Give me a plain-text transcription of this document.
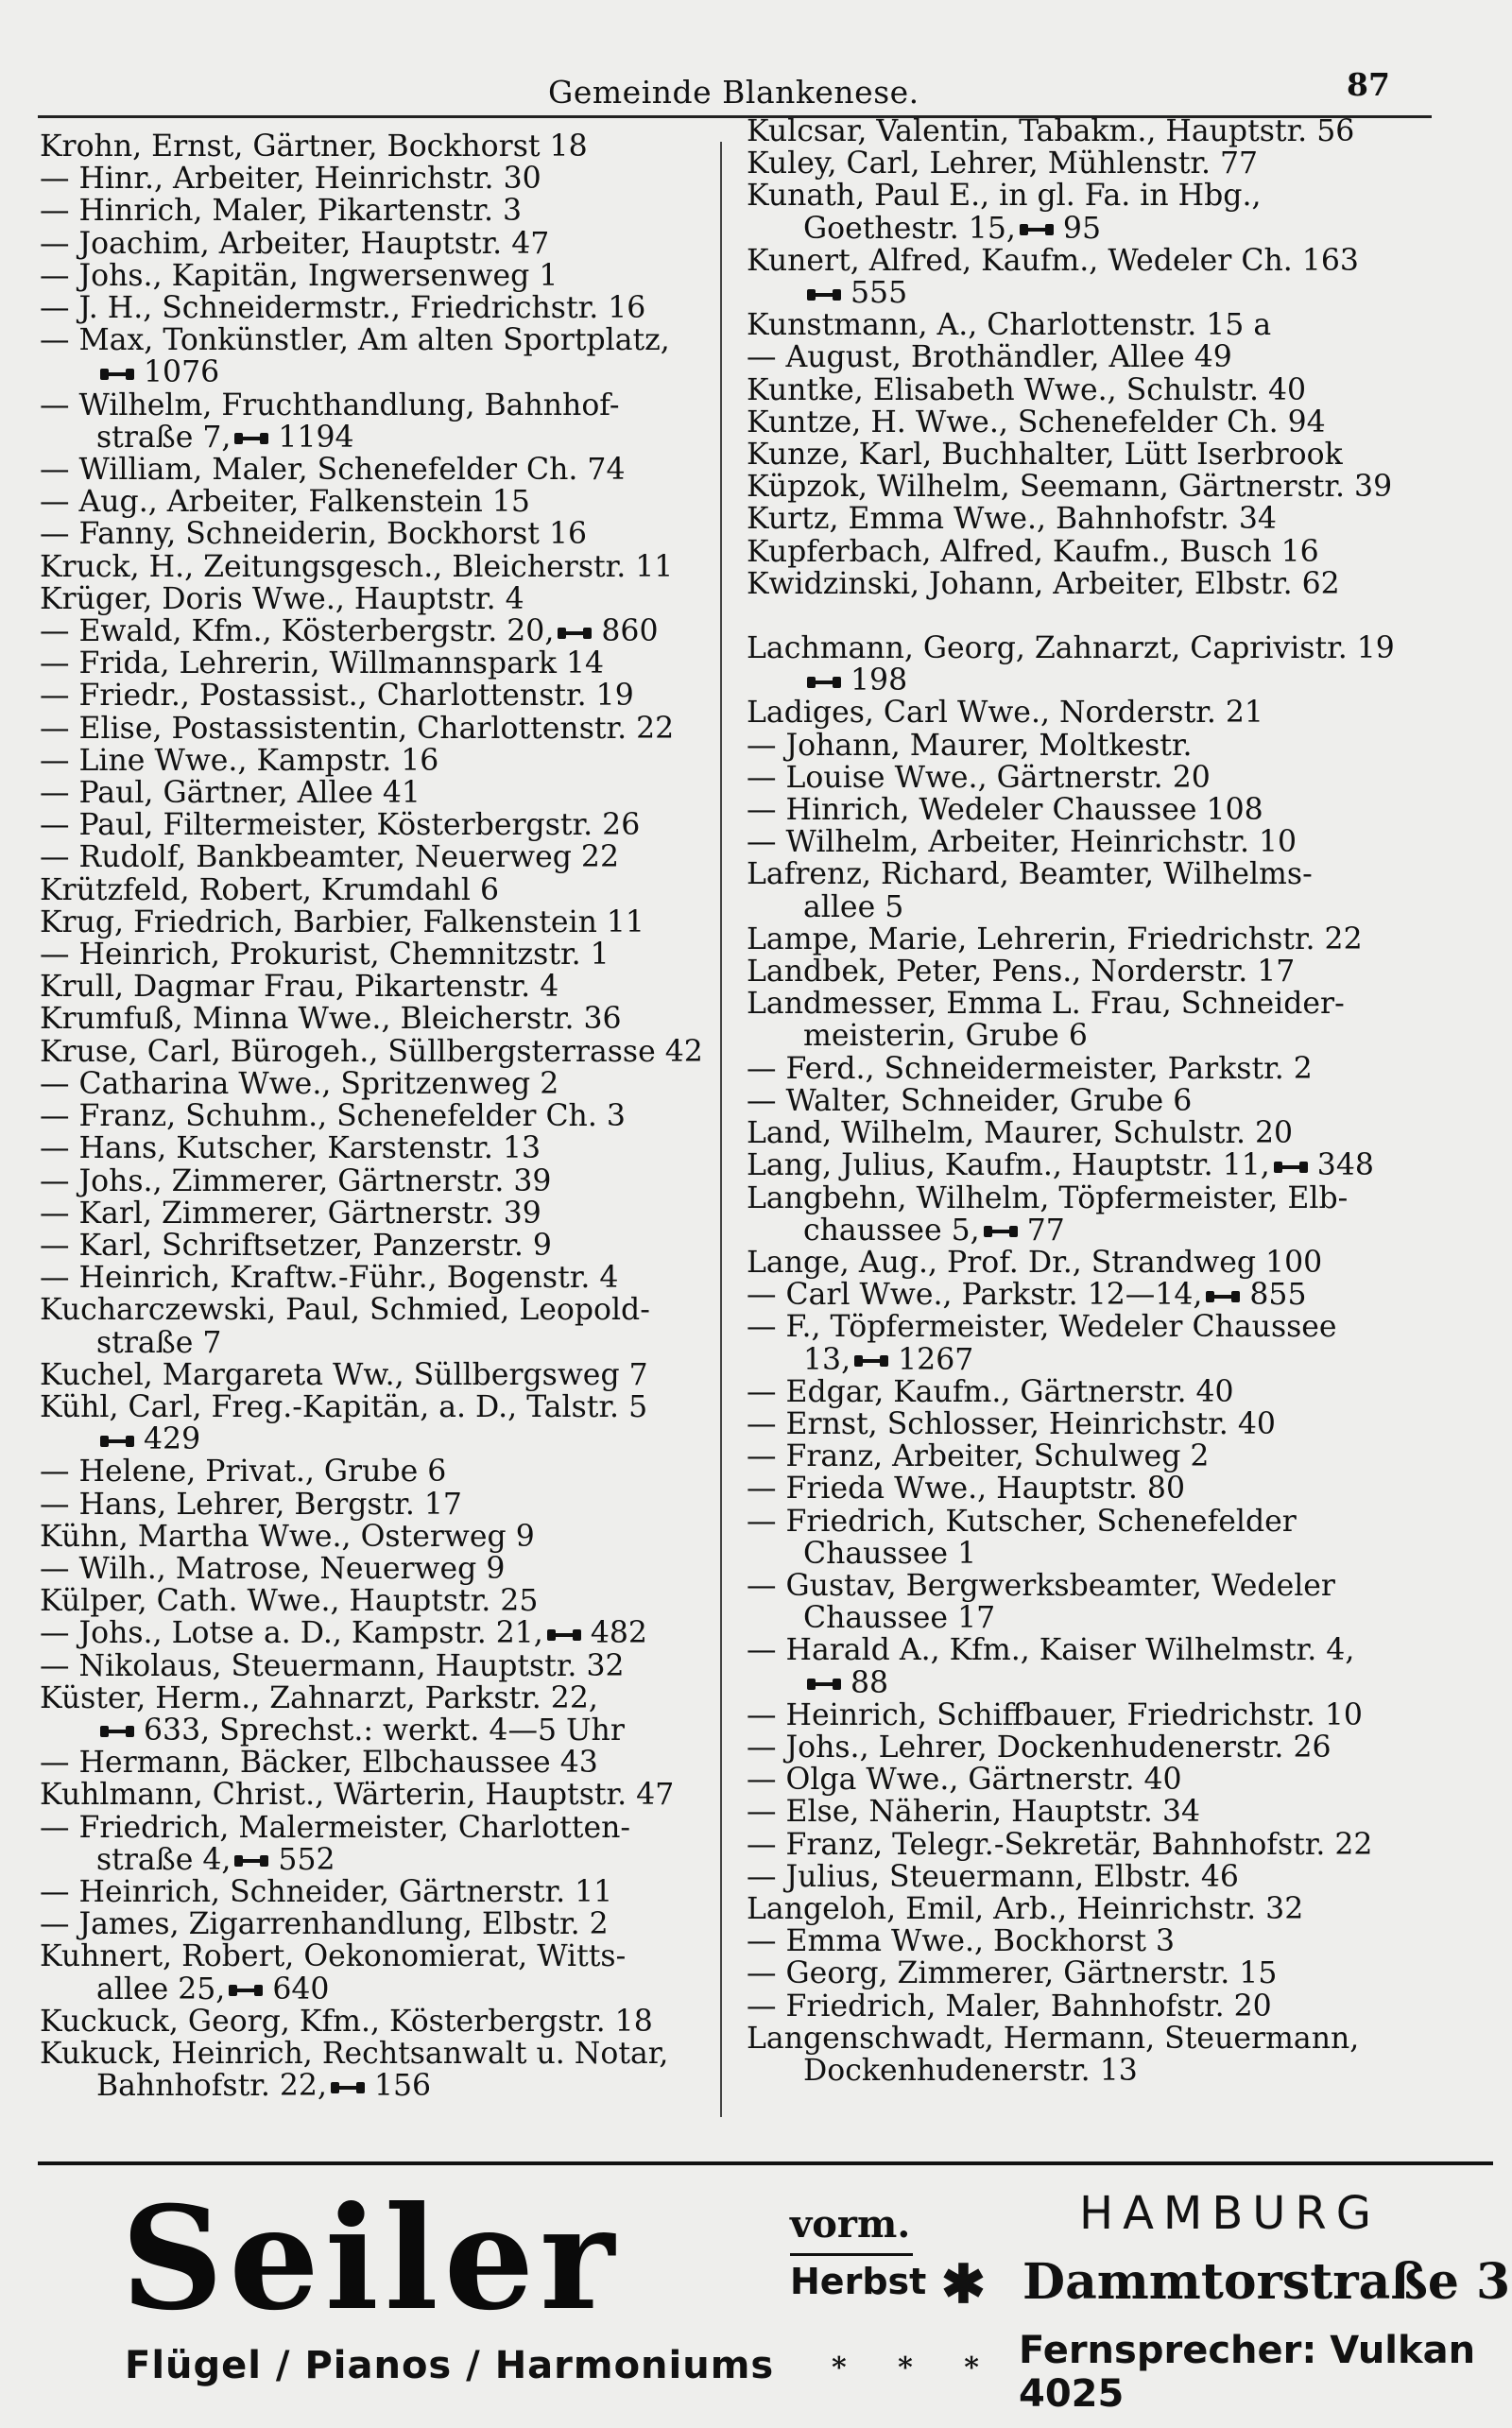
Gemeinde Blankenese.	87
Krohn, Ernst, Gärtner, Bockhorst 18
— Hinr., Arbeiter, Heinrichstr. 30
— Hinrich, Maler, Pikartenstr. 3
— Joachim, Arbeiter, Hauptstr. 47
— Johs., Kapitän, Ingwersenweg 1
— J. H., Schneidermstr., Friedrichstr. 16
— Max, Tonkünstler, Am alten Sportplatz,
1076
— Wilhelm, Fruchthandlung, Bahnhof-
straße 7, 1194
— William, Maler, Schenefelder Ch. 74
— Aug., Arbeiter, Falkenstein 15
— Fanny, Schneiderin, Bockhorst 16
Kruck, H., Zeitungsgesch., Bleicherstr. 11
Krüger, Doris Wwe., Hauptstr. 4
— Ewald, Kfm., Kösterbergstr. 20, 860
— Frida, Lehrerin, Willmannspark 14
— Friedr., Postassist., Charlottenstr. 19
— Elise, Postassistentin, Charlottenstr. 22
— Line Wwe., Kampstr. 16
— Paul, Gärtner, Allee 41
— Paul, Filtermeister, Kösterbergstr. 26
— Rudolf, Bankbeamter, Neuerweg 22
Krützfeld, Robert, Krumdahl 6
Krug, Friedrich, Barbier, Falkenstein 11
— Heinrich, Prokurist, Chemnitzstr. 1
Krull, Dagmar Frau, Pikartenstr. 4
Krumfuß, Minna Wwe., Bleicherstr. 36
Kruse, Carl, Bürogeh., Süllbergsterrasse 42
— Catharina Wwe., Spritzenweg 2
— Franz, Schuhm., Schenefelder Ch. 3
— Hans, Kutscher, Karstenstr. 13
— Johs., Zimmerer, Gärtnerstr. 39
— Karl, Zimmerer, Gärtnerstr. 39
— Karl, Schriftsetzer, Panzerstr. 9
— Heinrich, Kraftw.-Führ., Bogenstr. 4
Kucharczewski, Paul, Schmied, Leopold-
straße 7
Kuchel, Margareta Ww., Süllbergsweg 7
Kühl, Carl, Freg.-Kapitän, a. D., Talstr. 5
429
— Helene, Privat., Grube 6
— Hans, Lehrer, Bergstr. 17
Kühn, Martha Wwe., Osterweg 9
— Wilh., Matrose, Neuerweg 9
Külper, Cath. Wwe., Hauptstr. 25
— Johs., Lotse a. D., Kampstr. 21, 482
— Nikolaus, Steuermann, Hauptstr. 32
Küster, Herm., Zahnarzt, Parkstr. 22,
633, Sprechst.: werkt. 4—5 Uhr
— Hermann, Bäcker, Elbchaussee 43
Kuhlmann, Christ., Wärterin, Hauptstr. 47
— Friedrich, Malermeister, Charlotten-
straße 4, 552
— Heinrich, Schneider, Gärtnerstr. 11
— James, Zigarrenhandlung, Elbstr. 2
Kuhnert, Robert, Oekonomierat, Witts-
allee 25, 640
Kuckuck, Georg, Kfm., Kösterbergstr. 18
Kukuck, Heinrich, Rechtsanwalt u. Notar,
Bahnhofstr. 22, 156
Kulcsar, Valentin, Tabakm., Hauptstr. 56
Kuley, Carl, Lehrer, Mühlenstr. 77
Kunath, Paul E., in gl. Fa. in Hbg.,
Goethestr. 15, 95
Kunert, Alfred, Kaufm., Wedeler Ch. 163
555
Kunstmann, A., Charlottenstr. 15 a
— August, Brothändler, Allee 49
Kuntke, Elisabeth Wwe., Schulstr. 40
Kuntze, H. Wwe., Schenefelder Ch. 94
Kunze, Karl, Buchhalter, Lütt Iserbrook
Küpzok, Wilhelm, Seemann, Gärtnerstr. 39
Kurtz, Emma Wwe., Bahnhofstr. 34
Kupferbach, Alfred, Kaufm., Busch 16
Kwidzinski, Johann, Arbeiter, Elbstr. 62
Lachmann, Georg, Zahnarzt, Caprivistr. 19
198
Ladiges, Carl Wwe., Norderstr. 21
— Johann, Maurer, Moltkestr.
— Louise Wwe., Gärtnerstr. 20
— Hinrich, Wedeler Chaussee 108
— Wilhelm, Arbeiter, Heinrichstr. 10
Lafrenz, Richard, Beamter, Wilhelms-
allee 5
Lampe, Marie, Lehrerin, Friedrichstr. 22
Landbek, Peter, Pens., Norderstr. 17
Landmesser, Emma L. Frau, Schneider-
meisterin, Grube 6
— Ferd., Schneidermeister, Parkstr. 2
— Walter, Schneider, Grube 6
Land, Wilhelm, Maurer, Schulstr. 20
Lang, Julius, Kaufm., Hauptstr. 11, 348
Langbehn, Wilhelm, Töpfermeister, Elb-
chaussee 5, 77
Lange, Aug., Prof. Dr., Strandweg 100
— Carl Wwe., Parkstr. 12—14, 855
— F., Töpfermeister, Wedeler Chaussee
13, 1267
— Edgar, Kaufm., Gärtnerstr. 40
— Ernst, Schlosser, Heinrichstr. 40
— Franz, Arbeiter, Schulweg 2
— Frieda Wwe., Hauptstr. 80
— Friedrich, Kutscher, Schenefelder
Chaussee 1
— Gustav, Bergwerksbeamter, Wedeler
Chaussee 17
— Harald A., Kfm., Kaiser Wilhelmstr. 4,
88
— Heinrich, Schiffbauer, Friedrichstr. 10
— Johs., Lehrer, Dockenhudenerstr. 26
— Olga Wwe., Gärtnerstr. 40
— Else, Näherin, Hauptstr. 34
— Franz, Telegr.-Sekretär, Bahnhofstr. 22
— Julius, Steuermann, Elbstr. 46
Langeloh, Emil, Arb., Heinrichstr. 32
— Emma Wwe., Bockhorst 3
— Georg, Zimmerer, Gärtnerstr. 15
— Friedrich, Maler, Bahnhofstr. 20
Langenschwadt, Hermann, Steuermann,
Dockenhudenerstr. 13
Seiler	vorm.
Herbst ✱
HAMBURG
Dammtorstraße 3
Flügel / Pianos / Harmoniums * * * Fernsprecher: Vulkan 4025
